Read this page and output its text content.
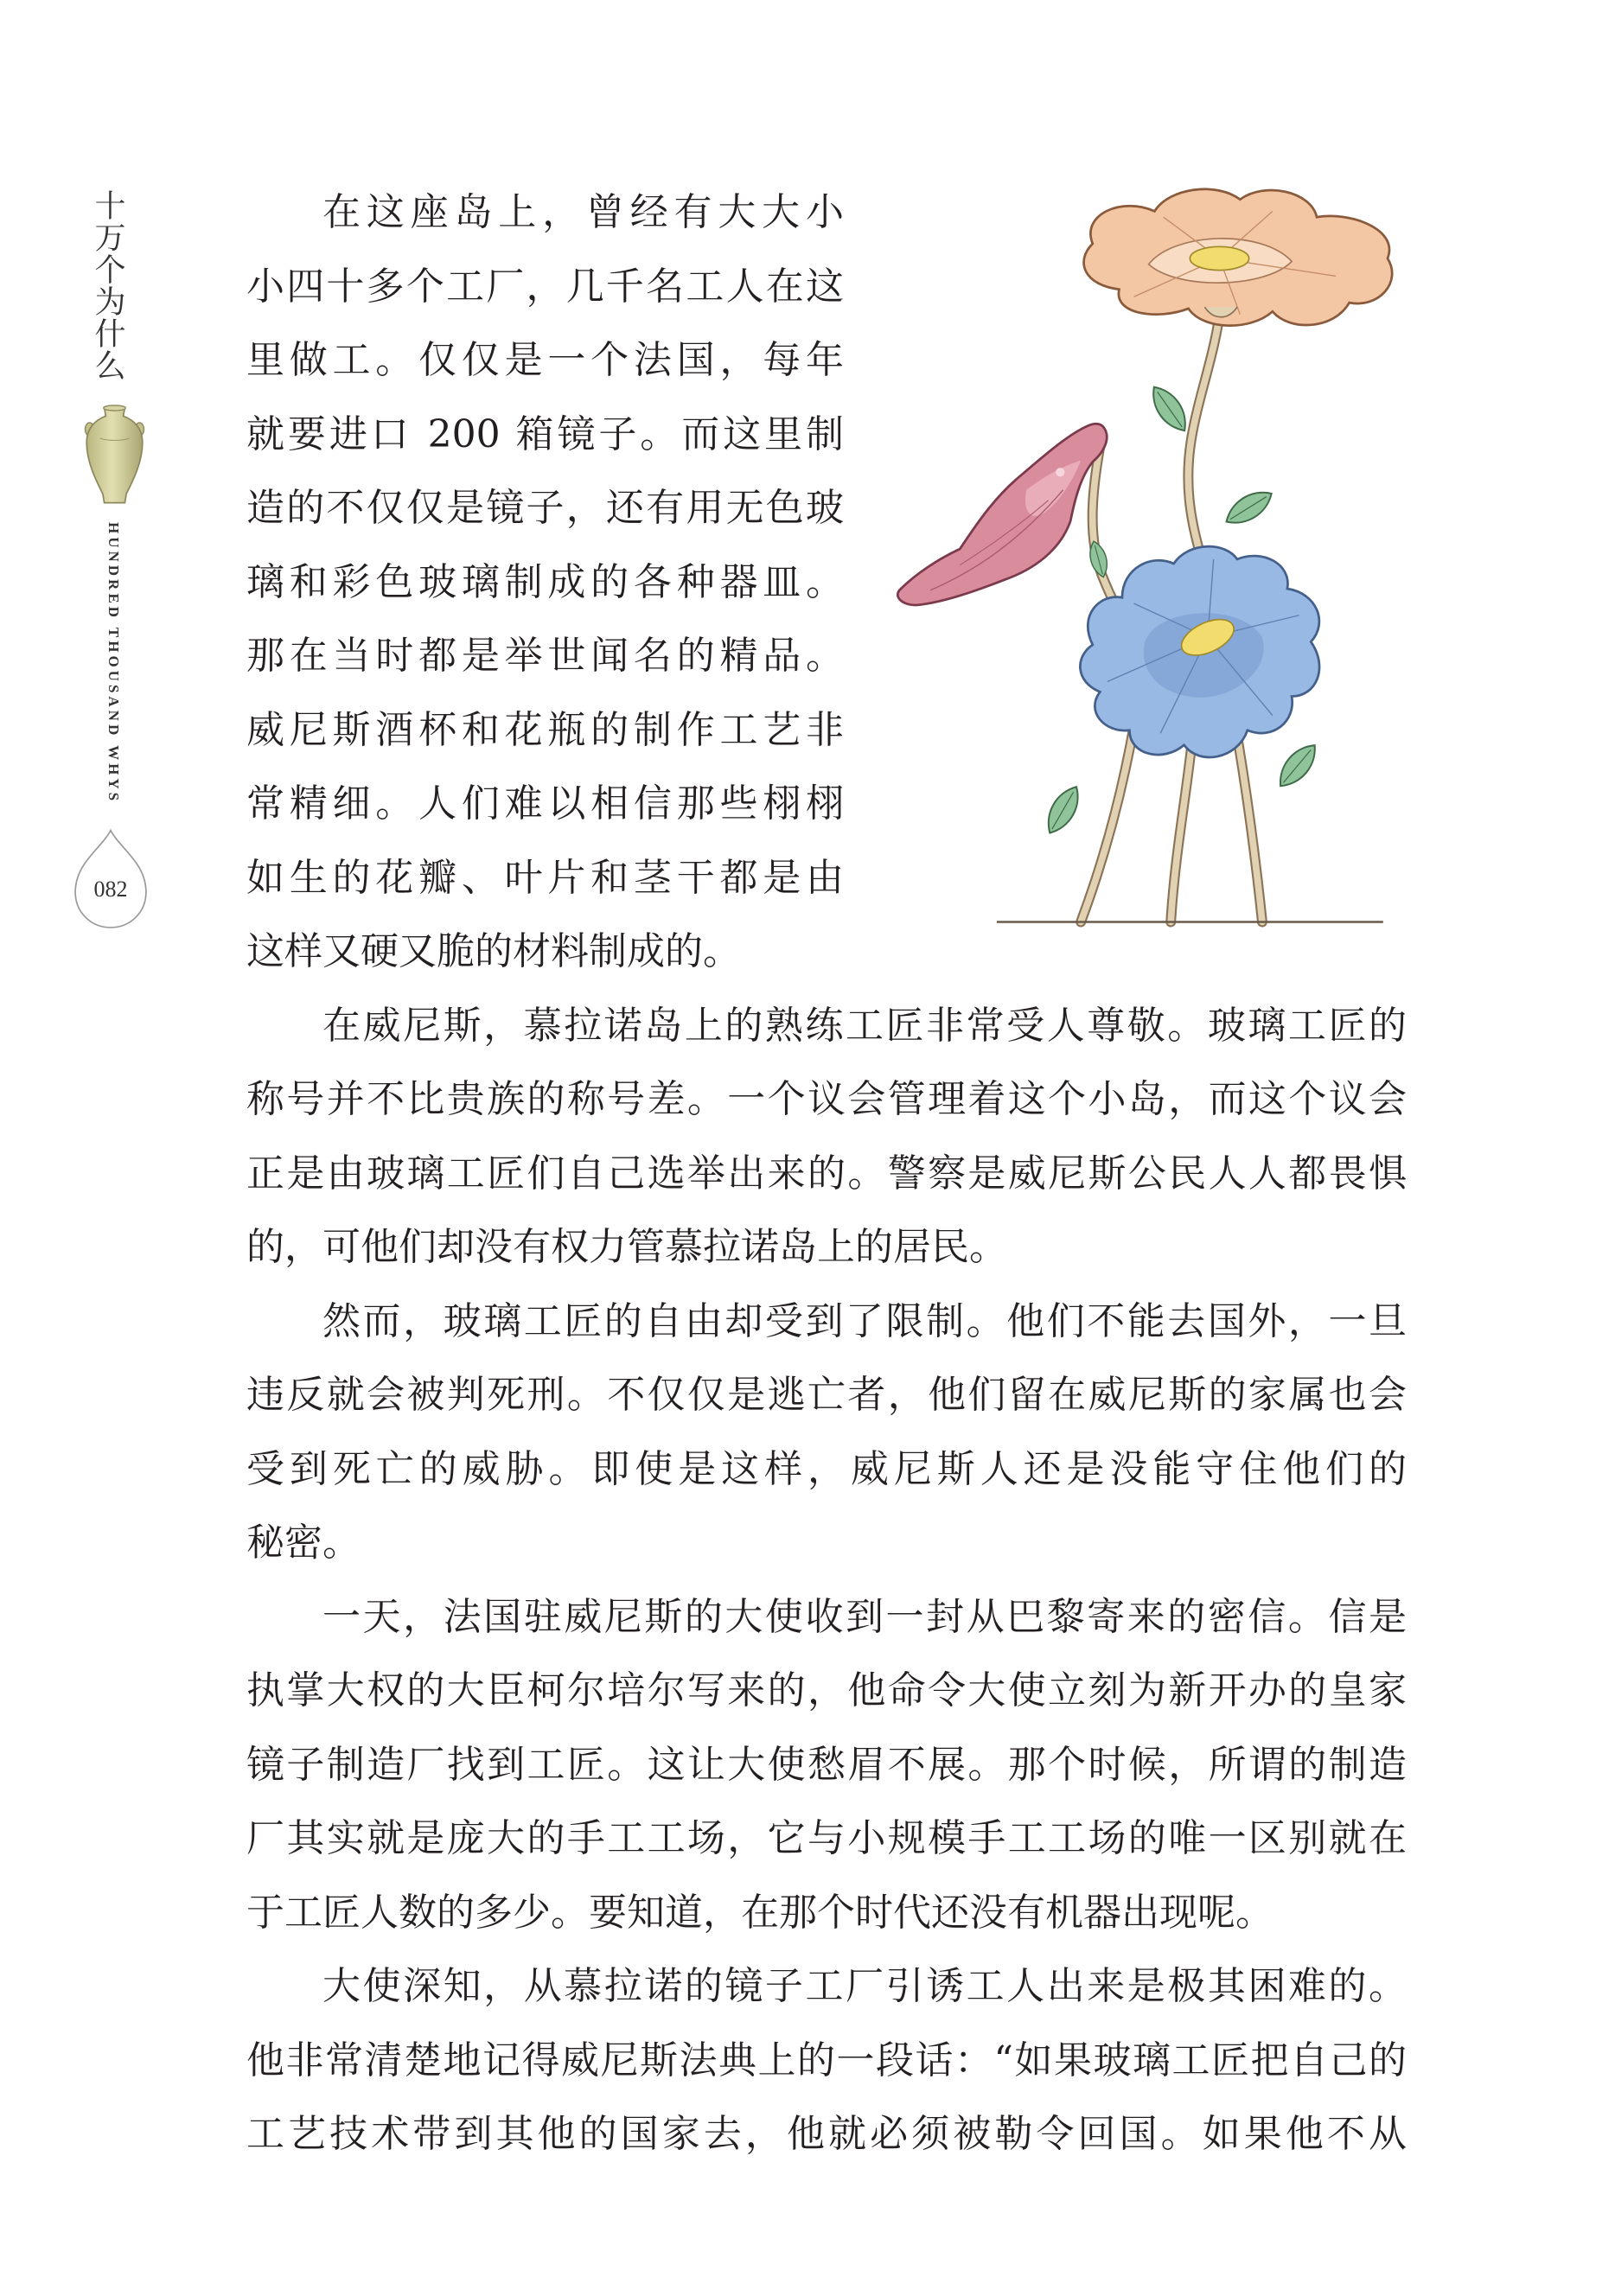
十万个为什么
HUNDRED THOUSAND WHYS
082
在这座岛上，曾经有大大小
小四十多个工厂，几千名工人在这
里做工。仅仅是一个法国，每年
就要进口 200 箱镜子。而这里制
造的不仅仅是镜子，还有用无色玻
璃和彩色玻璃制成的各种器皿。
那在当时都是举世闻名的精品。
威尼斯酒杯和花瓶的制作工艺非
常精细。人们难以相信那些栩栩
如生的花瓣、叶片和茎干都是由
这样又硬又脆的材料制成的。
在威尼斯，慕拉诺岛上的熟练工匠非常受人尊敬。玻璃工匠的
称号并不比贵族的称号差。一个议会管理着这个小岛，而这个议会
正是由玻璃工匠们自己选举出来的。警察是威尼斯公民人人都畏惧
的，可他们却没有权力管慕拉诺岛上的居民。
然而，玻璃工匠的自由却受到了限制。他们不能去国外，一旦
违反就会被判死刑。不仅仅是逃亡者，他们留在威尼斯的家属也会
受到死亡的威胁。即使是这样，威尼斯人还是没能守住他们的
秘密。
一天，法国驻威尼斯的大使收到一封从巴黎寄来的密信。信是
执掌大权的大臣柯尔培尔写来的，他命令大使立刻为新开办的皇家
镜子制造厂找到工匠。这让大使愁眉不展。那个时候，所谓的制造
厂其实就是庞大的手工工场，它与小规模手工工场的唯一区别就在
于工匠人数的多少。要知道，在那个时代还没有机器出现呢。
大使深知，从慕拉诺的镜子工厂引诱工人出来是极其困难的。
他非常清楚地记得威尼斯法典上的一段话：“如果玻璃工匠把自己的
工艺技术带到其他的国家去，他就必须被勒令回国。如果他不从
